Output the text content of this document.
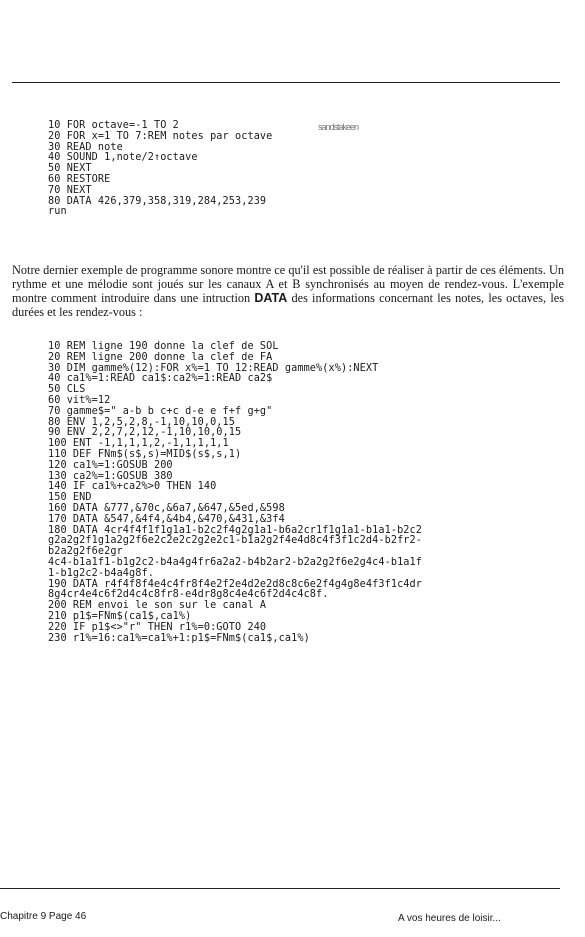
10 FOR octave=-1 TO 2
20 FOR x=1 TO 7:REM notes par octave
30 READ note
40 SOUND 1,note/2↑octave
50 NEXT
60 RESTORE
70 NEXT
80 DATA 426,379,358,319,284,253,239
run
sandstakeen

Notre dernier exemple de programme sonore montre ce qu'il est possible de réaliser à partir de ces éléments. Un rythme et une mélodie sont joués sur les canaux A et B synchronisés au moyen de rendez-vous. L'exemple montre comment introduire dans une intruction DATA des informations concernant les notes, les octaves, les durées et les rendez-vous :

10 REM ligne 190 donne la clef de SOL
20 REM ligne 200 donne la clef de FA
30 DIM gamme%(12):FOR x%=1 TO 12:READ gamme%(x%):NEXT
40 ca1%=1:READ ca1$:ca2%=1:READ ca2$
50 CLS
60 vit%=12
70 gamme$=" a-b b c+c d-e e f+f g+g"
80 ENV 1,2,5,2,8,-1,10,10,0,15
90 ENV 2,2,7,2,12,-1,10,10,0,15
100 ENT -1,1,1,1,2,-1,1,1,1,1
110 DEF FNm$(s$,s)=MID$(s$,s,1)
120 ca1%=1:GOSUB 200
130 ca2%=1:GOSUB 380
140 IF ca1%+ca2%>0 THEN 140
150 END
160 DATA &777,&70c,&6a7,&647,&5ed,&598
170 DATA &547,&4f4,&4b4,&470,&431,&3f4
180 DATA 4cr4f4f1f1g1a1-b2c2f4g2g1a1-b6a2cr1f1g1a1-b1a1-b2c2
g2a2g2f1g1a2g2f6e2c2e2c2g2e2c1-b1a2g2f4e4d8c4f3f1c2d4-b2fr2-
b2a2g2f6e2gr
4c4-b1a1f1-b1g2c2-b4a4g4fr6a2a2-b4b2ar2-b2a2g2f6e2g4c4-b1a1f
1-b1g2c2-b4a4g8f.
190 DATA r4f4f8f4e4c4fr8f4e2f2e4d2e2d8c8c6e2f4g4g8e4f3f1c4dr
8g4cr4e4c6f2d4c4c8fr8-e4dr8g8c4e4c6f2d4c4c8f.
200 REM envoi le son sur le canal A
210 p1$=FNm$(ca1$,ca1%)
220 IF p1$<>"r" THEN r1%=0:GOTO 240
230 r1%=16:ca1%=ca1%+1:p1$=FNm$(ca1$,ca1%)
Chapitre 9 Page 46	A vos heures de loisir...
